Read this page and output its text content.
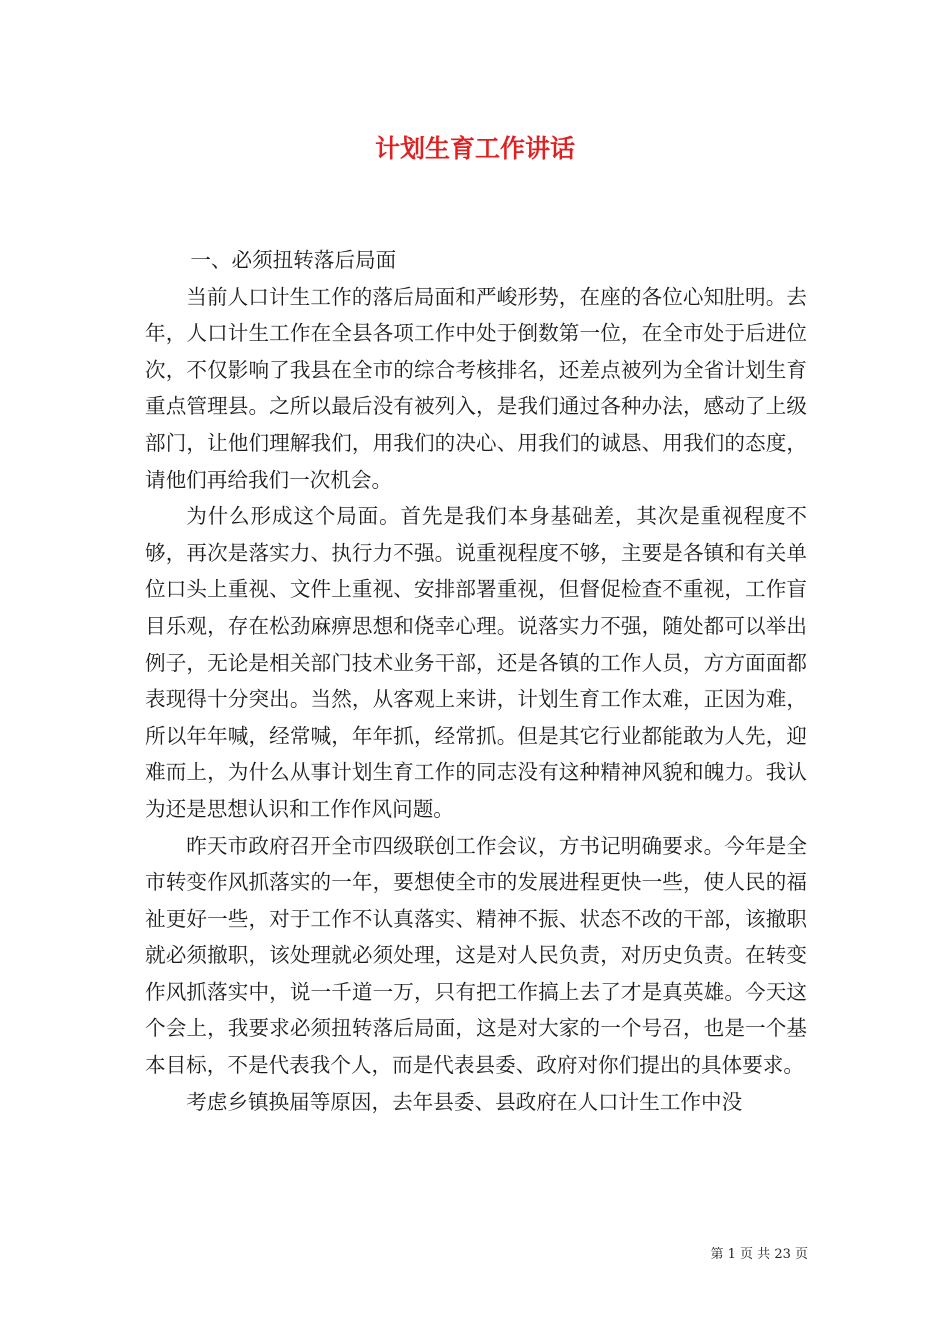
计划生育工作讲话

一、必须扭转落后局面

当前人口计生工作的落后局面和严峻形势，在座的各位心知肚明。去年，人口计生工作在全县各项工作中处于倒数第一位，在全市处于后进位次，不仅影响了我县在全市的综合考核排名，还差点被列为全省计划生育重点管理县。之所以最后没有被列入，是我们通过各种办法，感动了上级部门，让他们理解我们，用我们的决心、用我们的诚恳、用我们的态度，请他们再给我们一次机会。

为什么形成这个局面。首先是我们本身基础差，其次是重视程度不够，再次是落实力、执行力不强。说重视程度不够，主要是各镇和有关单位口头上重视、文件上重视、安排部署重视，但督促检查不重视，工作盲目乐观，存在松劲麻痹思想和侥幸心理。说落实力不强，随处都可以举出例子，无论是相关部门技术业务干部，还是各镇的工作人员，方方面面都表现得十分突出。当然，从客观上来讲，计划生育工作太难，正因为难，所以年年喊，经常喊，年年抓，经常抓。但是其它行业都能敢为人先，迎难而上，为什么从事计划生育工作的同志没有这种精神风貌和魄力。我认为还是思想认识和工作作风问题。

昨天市政府召开全市四级联创工作会议，方书记明确要求。今年是全市转变作风抓落实的一年，要想使全市的发展进程更快一些，使人民的福祉更好一些，对于工作不认真落实、精神不振、状态不改的干部，该撤职就必须撤职，该处理就必须处理，这是对人民负责，对历史负责。在转变作风抓落实中，说一千道一万，只有把工作搞上去了才是真英雄。今天这个会上，我要求必须扭转落后局面，这是对大家的一个号召，也是一个基本目标，不是代表我个人，而是代表县委、政府对你们提出的具体要求。

考虑乡镇换届等原因，去年县委、县政府在人口计生工作中没

第 1 页 共 23 页
